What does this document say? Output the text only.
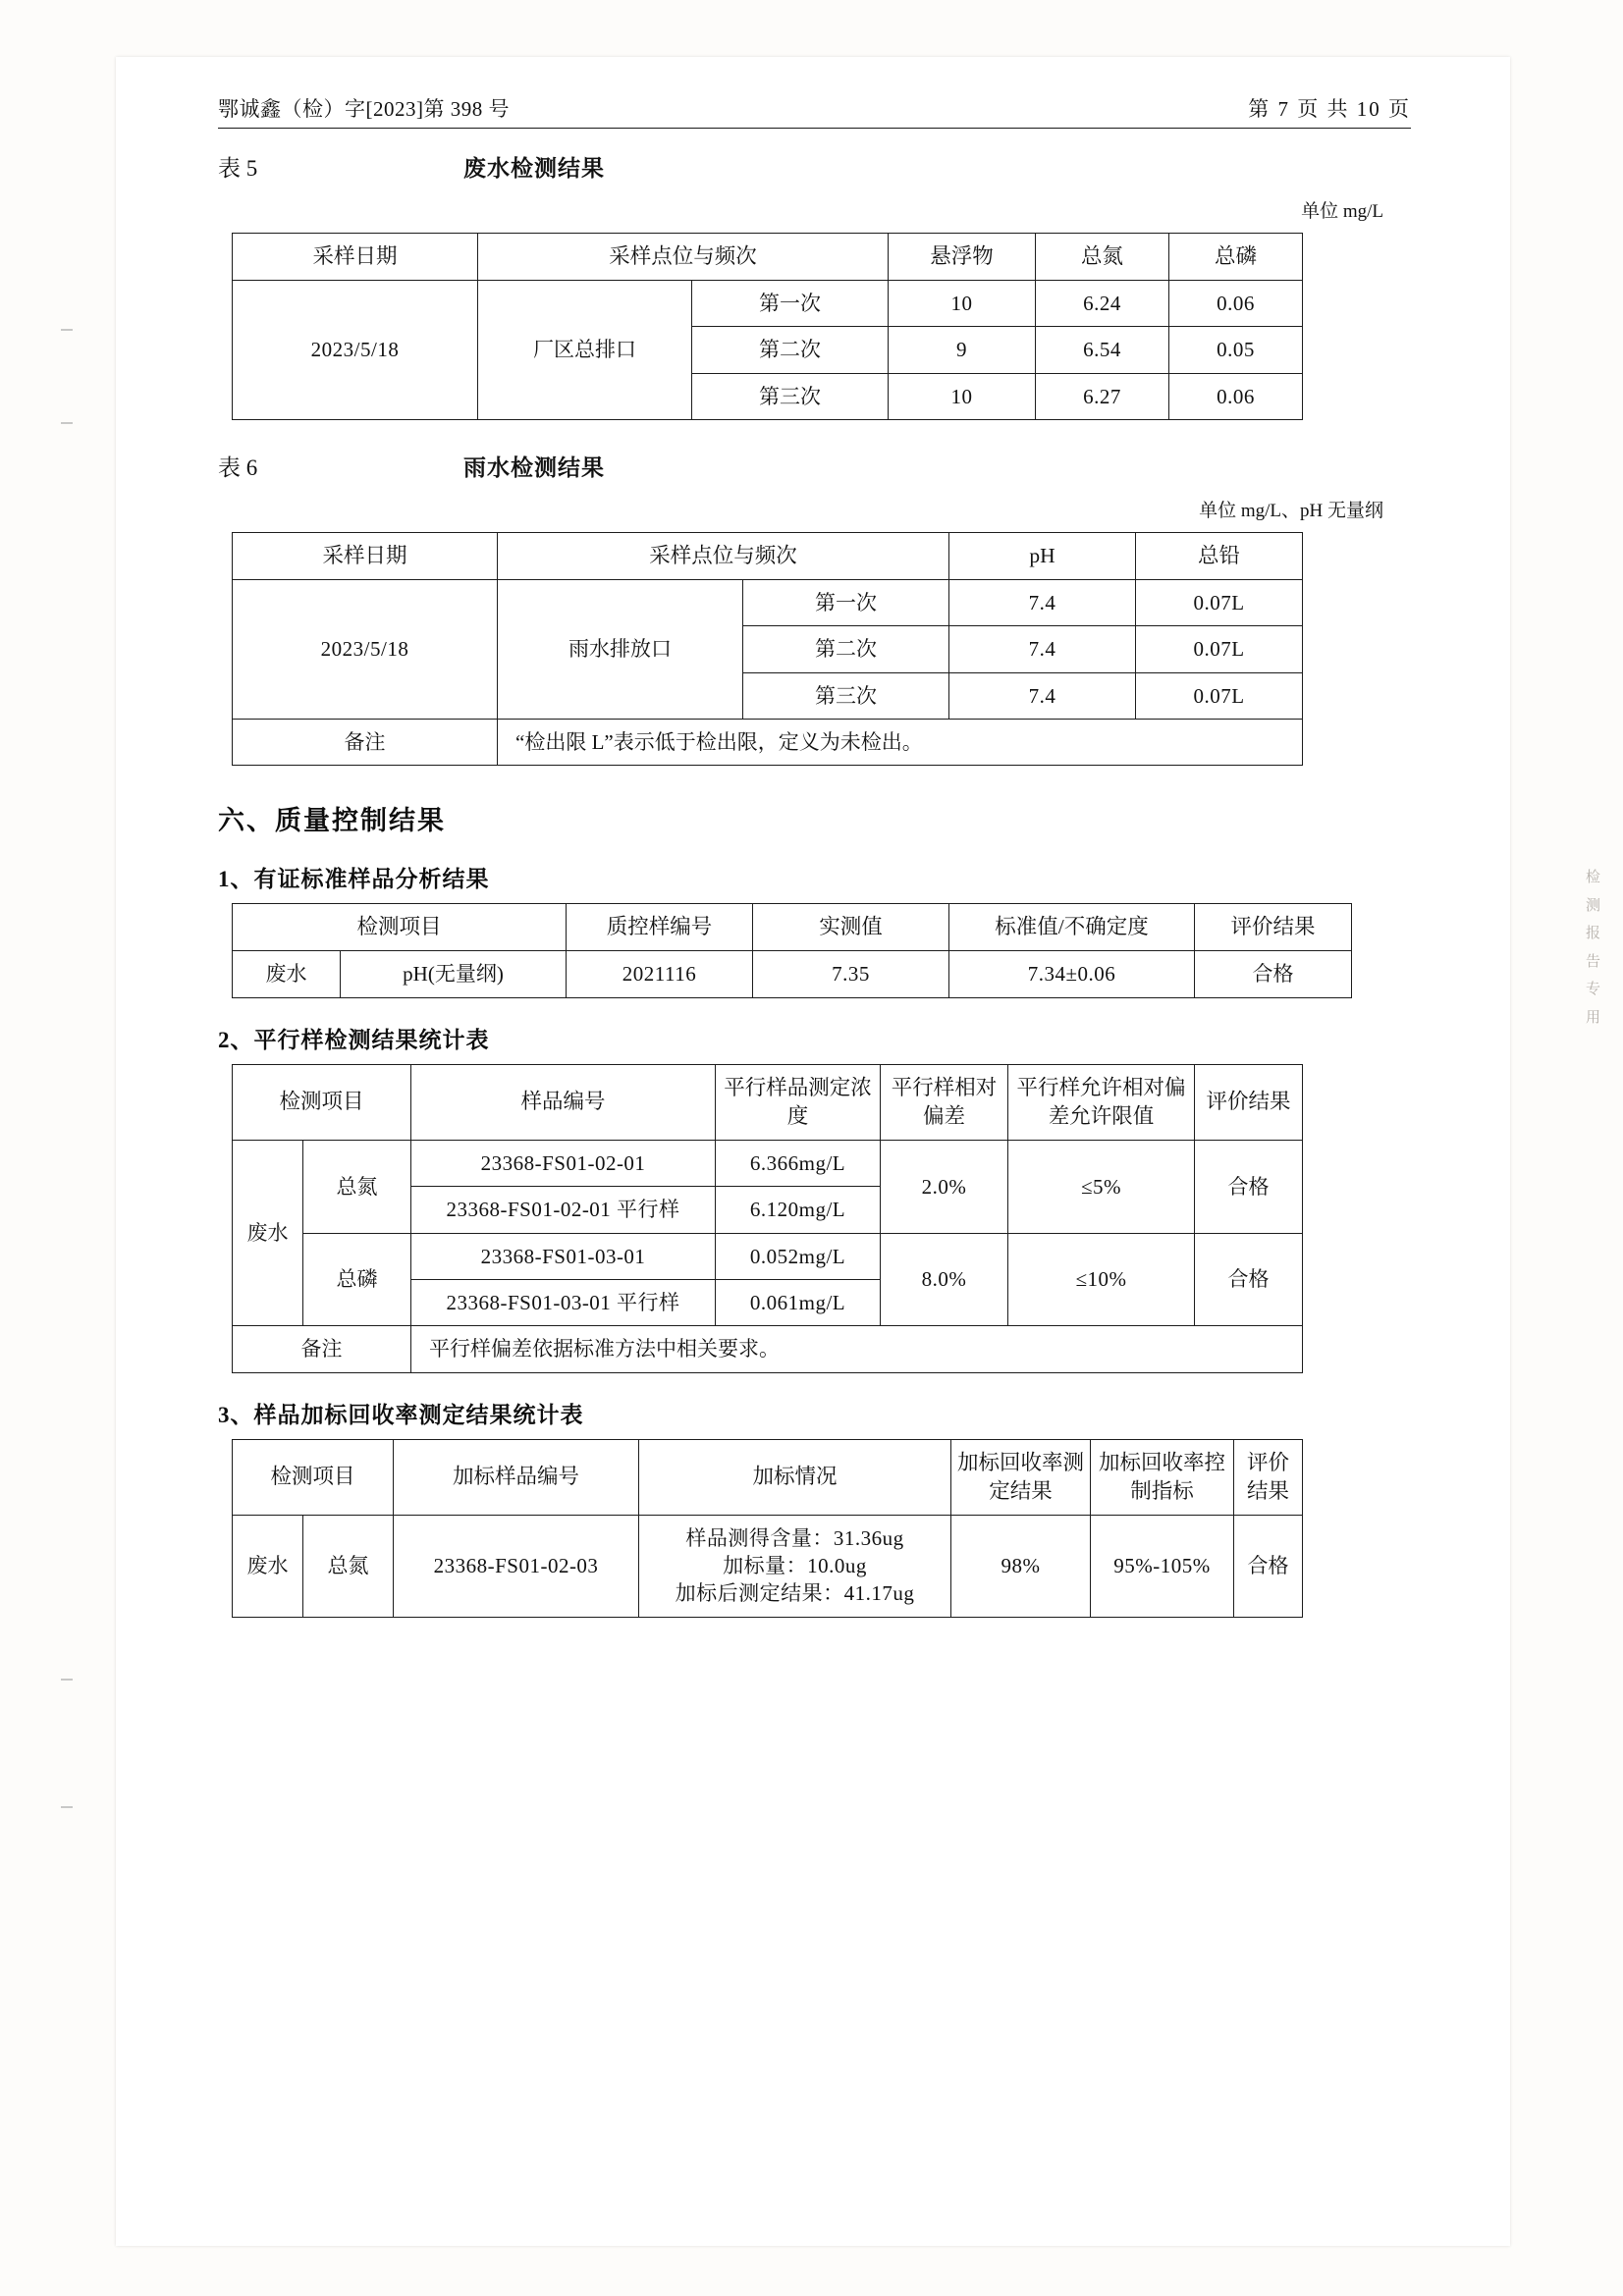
检测报告专用
鄂诚鑫（检）字[2023]第 398 号	第 7 页 共 10 页
表 5	废水检测结果
单位 mg/L
采样日期	采样点位与频次		悬浮物	总氮	总磷
2023/5/18	厂区总排口	第一次	10	6.24	0.06
		第二次	9	6.54	0.05
		第三次	10	6.27	0.06
表 6	雨水检测结果
单位 mg/L、pH 无量纲
采样日期	采样点位与频次		pH	总铅
2023/5/18	雨水排放口	第一次	7.4	0.07L
		第二次	7.4	0.07L
		第三次	7.4	0.07L
备注	“检出限 L”表示低于检出限，定义为未检出。			
六、质量控制结果
1、有证标准样品分析结果
检测项目		质控样编号	实测值	标准值/不确定度	评价结果
废水	pH(无量纲)	2021116	7.35	7.34±0.06	合格
2、平行样检测结果统计表
检测项目		样品编号	平行样品测定浓度	平行样相对偏差	平行样允许相对偏差允许限值	评价结果
废水	总氮	23368-FS01-02-01	6.366mg/L	2.0%	≤5%	合格
		23368-FS01-02-01 平行样	6.120mg/L			
	总磷	23368-FS01-03-01	0.052mg/L	8.0%	≤10%	合格
		23368-FS01-03-01 平行样	0.061mg/L			
备注		平行样偏差依据标准方法中相关要求。				
3、样品加标回收率测定结果统计表
检测项目		加标样品编号	加标情况	加标回收率测定结果	加标回收率控制指标	评价结果
废水	总氮	23368-FS01-02-03	样品测得含量：31.36ug
加标量：10.0ug
加标后测定结果：41.17ug	98%	95%-105%	合格
